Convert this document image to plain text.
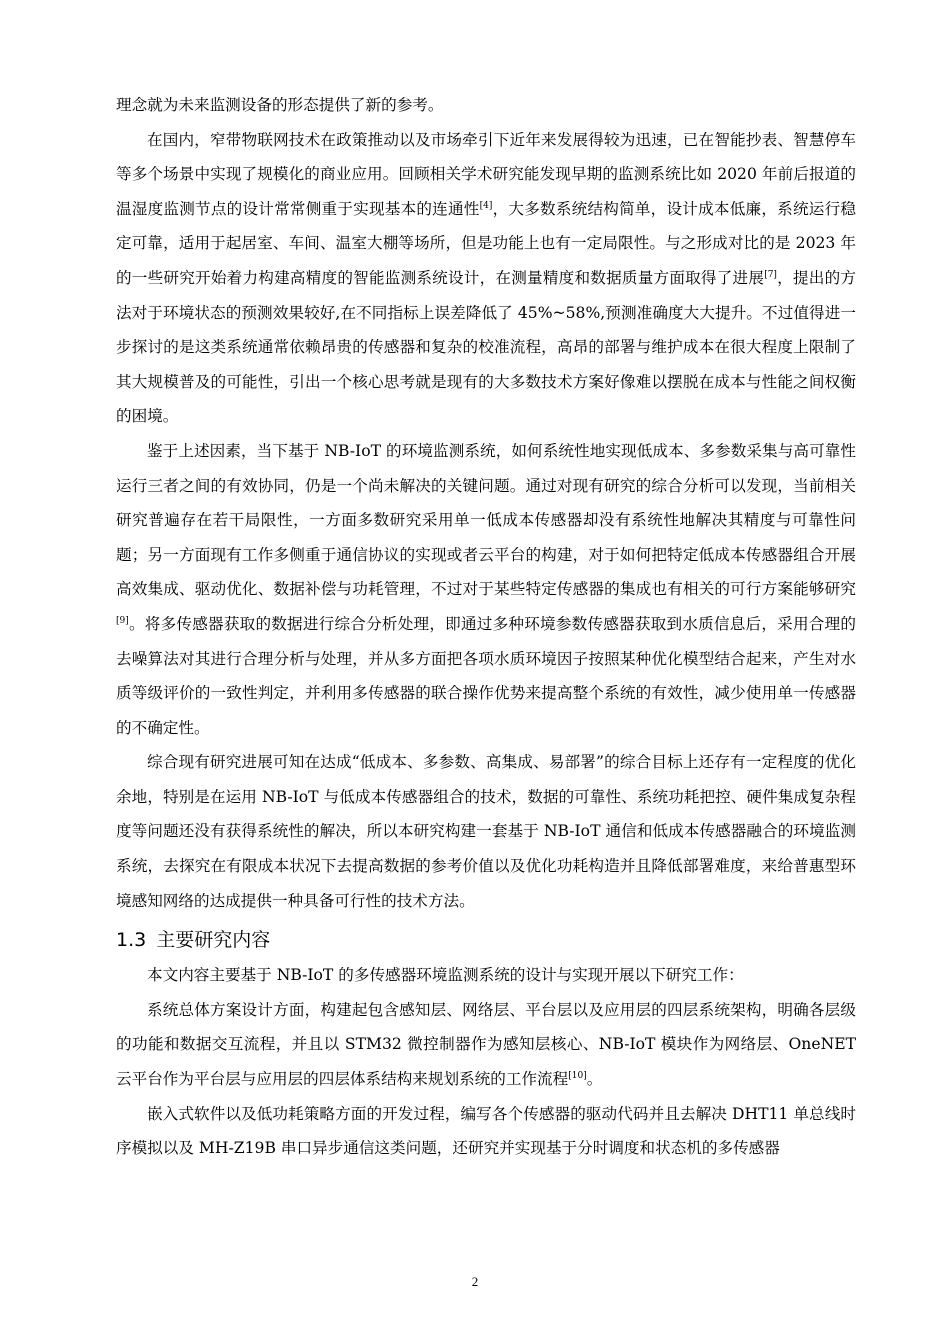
理念就为未来监测设备的形态提供了新的参考。

在国内，窄带物联网技术在政策推动以及市场牵引下近年来发展得较为迅速，已在智能抄表、智慧停车等多个场景中实现了规模化的商业应用。回顾相关学术研究能发现早期的监测系统比如 2020 年前后报道的温湿度监测节点的设计常常侧重于实现基本的连通性[4]，大多数系统结构简单，设计成本低廉，系统运行稳定可靠，适用于起居室、车间、温室大棚等场所，但是功能上也有一定局限性。与之形成对比的是 2023 年的一些研究开始着力构建高精度的智能监测系统设计，在测量精度和数据质量方面取得了进展[7]，提出的方法对于环境状态的预测效果较好,在不同指标上误差降低了 45%~58%,预测准确度大大提升。不过值得进一步探讨的是这类系统通常依赖昂贵的传感器和复杂的校准流程，高昂的部署与维护成本在很大程度上限制了其大规模普及的可能性，引出一个核心思考就是现有的大多数技术方案好像难以摆脱在成本与性能之间权衡的困境。

鉴于上述因素，当下基于 NB-IoT 的环境监测系统，如何系统性地实现低成本、多参数采集与高可靠性运行三者之间的有效协同，仍是一个尚未解决的关键问题。通过对现有研究的综合分析可以发现，当前相关研究普遍存在若干局限性，一方面多数研究采用单一低成本传感器却没有系统性地解决其精度与可靠性问题；另一方面现有工作多侧重于通信协议的实现或者云平台的构建，对于如何把特定低成本传感器组合开展高效集成、驱动优化、数据补偿与功耗管理，不过对于某些特定传感器的集成也有相关的可行方案能够研究[9]。将多传感器获取的数据进行综合分析处理，即通过多种环境参数传感器获取到水质信息后，采用合理的去噪算法对其进行合理分析与处理，并从多方面把各项水质环境因子按照某种优化模型结合起来，产生对水质等级评价的一致性判定，并利用多传感器的联合操作优势来提高整个系统的有效性，减少使用单一传感器的不确定性。

综合现有研究进展可知在达成“低成本、多参数、高集成、易部署”的综合目标上还存有一定程度的优化余地，特别是在运用 NB-IoT 与低成本传感器组合的技术，数据的可靠性、系统功耗把控、硬件集成复杂程度等问题还没有获得系统性的解决，所以本研究构建一套基于 NB-IoT 通信和低成本传感器融合的环境监测系统，去探究在有限成本状况下去提高数据的参考价值以及优化功耗构造并且降低部署难度，来给普惠型环境感知网络的达成提供一种具备可行性的技术方法。

1.3 主要研究内容

本文内容主要基于 NB-IoT 的多传感器环境监测系统的设计与实现开展以下研究工作：

系统总体方案设计方面，构建起包含感知层、网络层、平台层以及应用层的四层系统架构，明确各层级的功能和数据交互流程，并且以 STM32 微控制器作为感知层核心、NB-IoT 模块作为网络层、OneNET 云平台作为平台层与应用层的四层体系结构来规划系统的工作流程[10]。

嵌入式软件以及低功耗策略方面的开发过程，编写各个传感器的驱动代码并且去解决 DHT11 单总线时序模拟以及 MH-Z19B 串口异步通信这类问题，还研究并实现基于分时调度和状态机的多传感器

2
